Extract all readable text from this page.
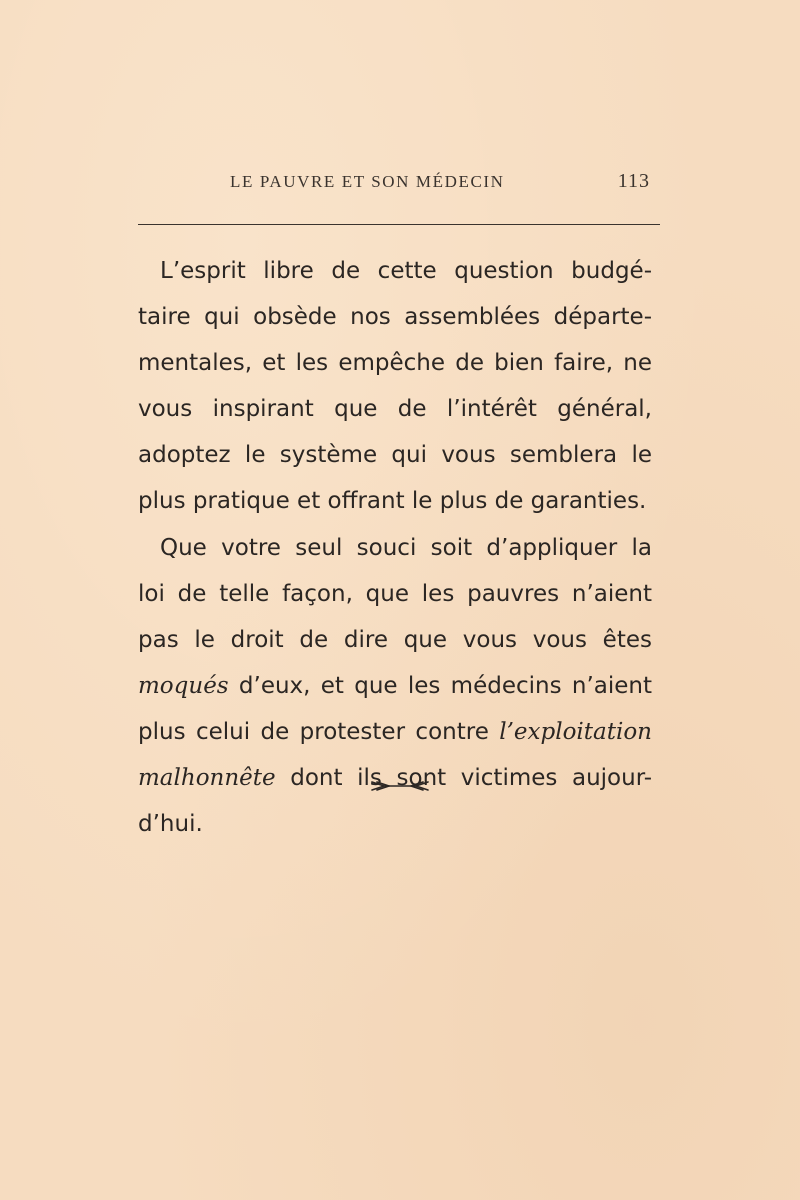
LE PAUVRE ET SON MÉDECIN	113
L’esprit libre de cette question budgé-
taire qui obsède nos assemblées départe-
mentales, et les empêche de bien faire, ne
vous inspirant que de l’intérêt général,
adoptez le système qui vous semblera le
plus pratique et offrant le plus de garanties.
Que votre seul souci soit d’appliquer la
loi de telle façon, que les pauvres n’aient
pas le droit de dire que vous vous êtes
moqués d’eux, et que les médecins n’aient
plus celui de protester contre l’exploitation
malhonnête dont ils sont victimes aujour-
d’hui.
